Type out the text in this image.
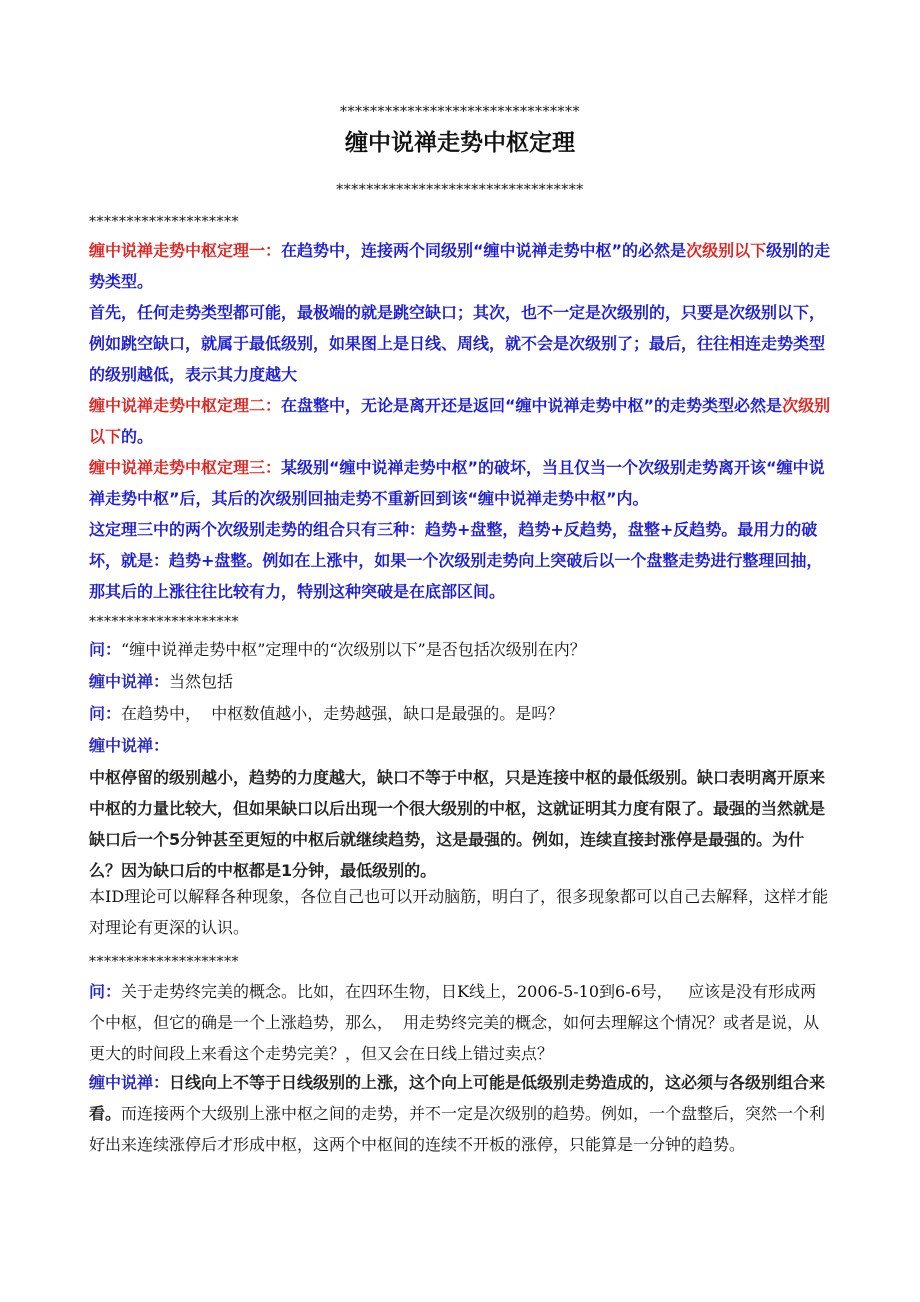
********************************
缠中说禅走势中枢定理
*********************************
********************
缠中说禅走势中枢定理一：在趋势中，连接两个同级别“缠中说禅走势中枢”的必然是次级别以下级别的走势类型。
首先，任何走势类型都可能，最极端的就是跳空缺口；其次，也不一定是次级别的，只要是次级别以下，例如跳空缺口，就属于最低级别，如果图上是日线、周线，就不会是次级别了；最后，往往相连走势类型的级别越低，表示其力度越大
缠中说禅走势中枢定理二：在盘整中，无论是离开还是返回“缠中说禅走势中枢”的走势类型必然是次级别以下的。
缠中说禅走势中枢定理三：某级别“缠中说禅走势中枢”的破坏，当且仅当一个次级别走势离开该“缠中说禅走势中枢”后，其后的次级别回抽走势不重新回到该“缠中说禅走势中枢”内。
这定理三中的两个次级别走势的组合只有三种：趋势+盘整，趋势+反趋势，盘整+反趋势。最用力的破坏，就是：趋势+盘整。例如在上涨中，如果一个次级别走势向上突破后以一个盘整走势进行整理回抽，那其后的上涨往往比较有力，特别这种突破是在底部区间。
********************
问：“缠中说禅走势中枢”定理中的“次级别以下”是否包括次级别在内？
缠中说禅：当然包括
问：在趋势中，  中枢数值越小，走势越强，缺口是最强的。是吗？
缠中说禅：
中枢停留的级别越小，趋势的力度越大，缺口不等于中枢，只是连接中枢的最低级别。缺口表明离开原来中枢的力量比较大，但如果缺口以后出现一个很大级别的中枢，这就证明其力度有限了。最强的当然就是缺口后一个5分钟甚至更短的中枢后就继续趋势，这是最强的。例如，连续直接封涨停是最强的。为什么？因为缺口后的中枢都是1分钟，最低级别的。
本ID理论可以解释各种现象，各位自己也可以开动脑筋，明白了，很多现象都可以自己去解释，这样才能对理论有更深的认识。
********************
问：关于走势终完美的概念。比如，在四环生物，日K线上，2006-5-10到6-6号，   应该是没有形成两个中枢，但它的确是一个上涨趋势，那么，  用走势终完美的概念，如何去理解这个情况？或者是说，从更大的时间段上来看这个走势完美？，但又会在日线上错过卖点？
缠中说禅：日线向上不等于日线级别的上涨，这个向上可能是低级别走势造成的，这必须与各级别组合来看。而连接两个大级别上涨中枢之间的走势，并不一定是次级别的趋势。例如，一个盘整后，突然一个利好出来连续涨停后才形成中枢，这两个中枢间的连续不开板的涨停，只能算是一分钟的趋势。
